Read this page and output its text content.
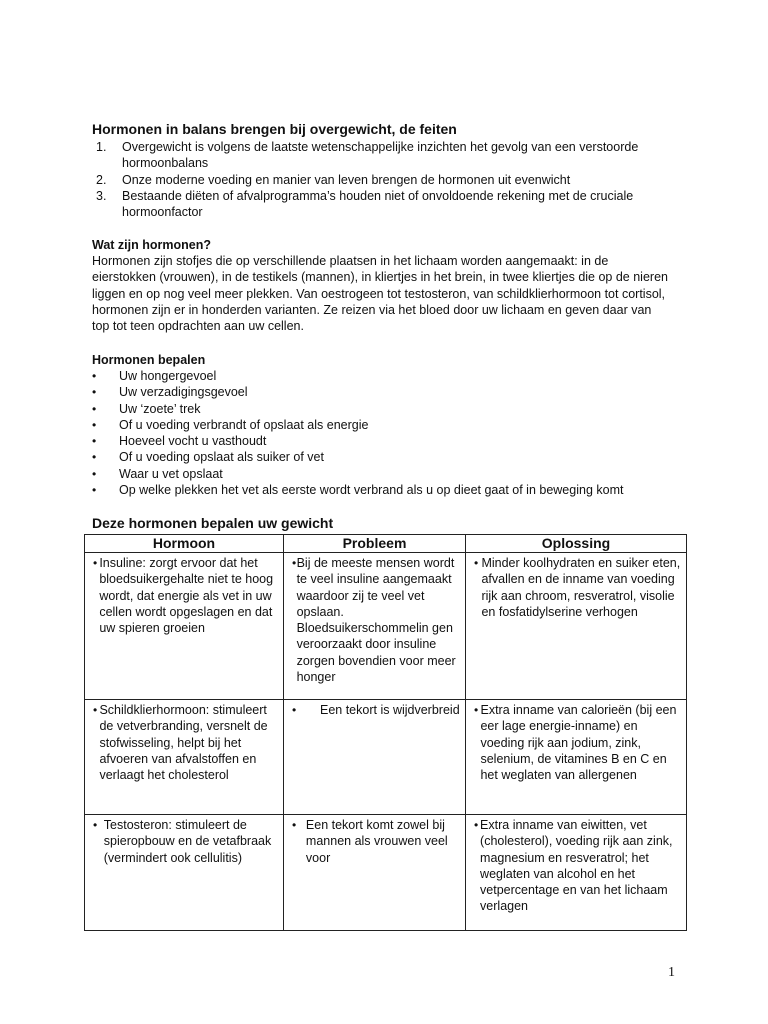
Hormonen in balans brengen bij overgewicht, de feiten
1.	Overgewicht is volgens de laatste wetenschappelijke inzichten het gevolg van een verstoorde hormoonbalans
2.	Onze moderne voeding en manier van leven brengen de hormonen uit evenwicht
3.	Bestaande diëten of afvalprogramma’s houden niet of onvoldoende rekening met de cruciale hormoonfactor
Wat zijn hormonen?
Hormonen zijn stofjes die op verschillende plaatsen in het lichaam worden aangemaakt: in de eierstokken (vrouwen), in de testikels (mannen), in kliertjes in het brein, in twee kliertjes die op de nieren liggen en op nog veel meer plekken. Van oestrogeen tot testosteron, van schildklierhormoon tot cortisol, hormonen zijn er in honderden varianten. Ze reizen via het bloed door uw lichaam en geven daar van top tot teen opdrachten aan uw cellen.
Hormonen bepalen
•	Uw hongergevoel
•	Uw verzadigingsgevoel
•	Uw ‘zoete’ trek
•	Of u voeding verbrandt of opslaat als energie
•	Hoeveel vocht u vasthoudt
•	Of u voeding opslaat als suiker of vet
•	Waar u vet opslaat
•	Op welke plekken het vet als eerste wordt verbrand als u op dieet gaat of in beweging komt
Deze hormonen bepalen uw gewicht
Hormoon	Probleem	Oplossing

• Insuline: zorgt ervoor dat het bloedsuikergehalte niet te hoog wordt, dat energie als vet in uw cellen wordt opgeslagen en dat uw spieren groeien	• Bij de meeste mensen wordt te veel insuline aangemaakt waardoor zij te veel vet opslaan. Bloedsuikerschommelin gen veroorzaakt door insuline zorgen bovendien voor meer honger	• Minder koolhydraten en suiker eten, afvallen en de inname van voeding rijk aan chroom, resveratrol, visolie en fosfatidylserine verhogen

• Schildklierhormoon: stimuleert de vetverbranding, versnelt de stofwisseling, helpt bij het afvoeren van afvalstoffen en verlaagt het cholesterol	• Een tekort is wijdverbreid	• Extra inname van calorieën (bij een eer lage energie-inname) en voeding rijk aan jodium, zink, selenium, de vitamines B en C en het weglaten van allergenen

• Testosteron: stimuleert de spieropbouw en de vetafbraak (vermindert ook cellulitis)	• Een tekort komt zowel bij mannen als vrouwen veel voor	• Extra inname van eiwitten, vet (cholesterol), voeding rijk aan zink, magnesium en resveratrol; het weglaten van alcohol en het vetpercentage en van het lichaam verlagen
1
